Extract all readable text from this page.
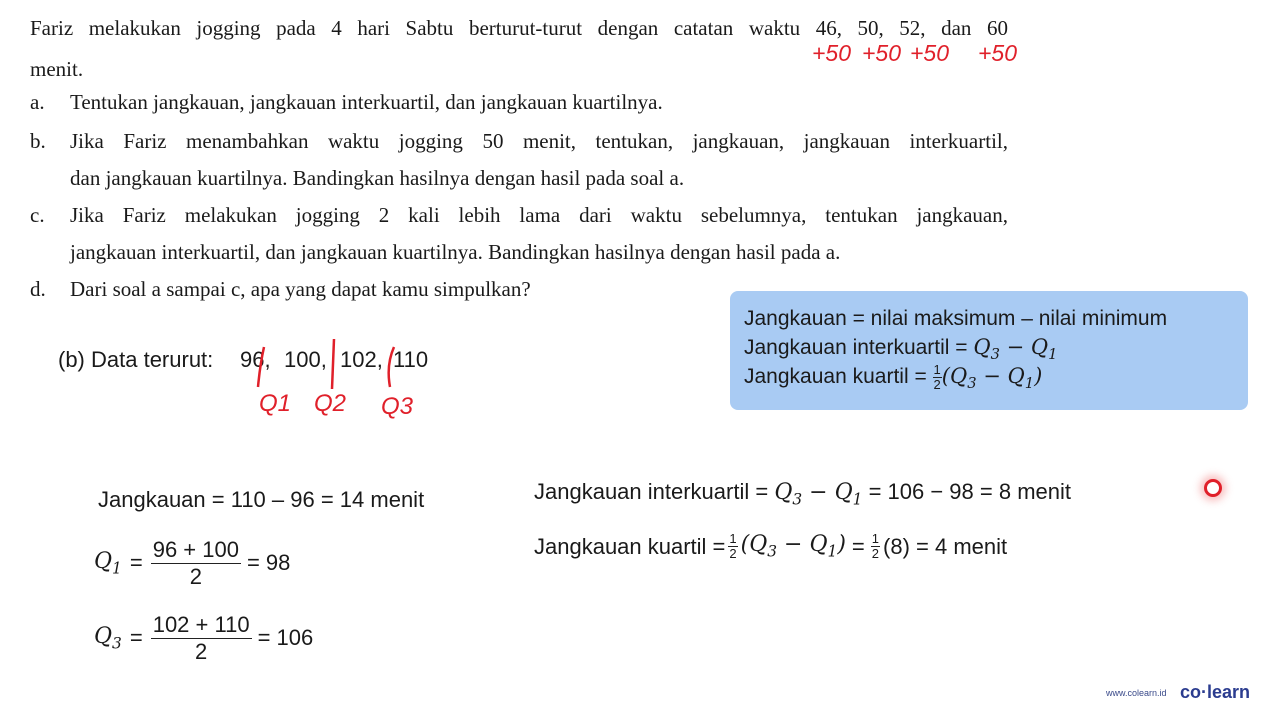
Fariz melakukan jogging pada 4 hari Sabtu berturut-turut dengan catatan waktu 46, 50, 52, dan 60
menit.
a. Tentukan jangkauan, jangkauan interkuartil, dan jangkauan kuartilnya.
b. Jika Fariz menambahkan waktu jogging 50 menit, tentukan, jangkauan, jangkauan interkuartil,
dan jangkauan kuartilnya. Bandingkan hasilnya dengan hasil pada soal a.
c. Jika Fariz melakukan jogging 2 kali lebih lama dari waktu sebelumnya, tentukan jangkauan,
jangkauan interkuartil, dan jangkauan kuartilnya. Bandingkan hasilnya dengan hasil pada a.
d. Dari soal a sampai c, apa yang dapat kamu simpulkan?
+50 +50 +50 +50
Jangkauan = nilai maksimum – nilai minimum
Jangkauan interkuartil = $Q_3 - Q_1$
Jangkauan kuartil = $\frac{1}{2} (Q_3 - Q_1)$
(b) Data terurut: 96, 100, 102, 110
Q1 Q2 Q3
Jangkauan = 110 – 96 = 14 menit
$Q_1 = \frac{96 + 100}{2} = 98$
$Q_3 = \frac{102 + 110}{2} = 106$
Jangkauan interkuartil = $Q_3 - Q_1 = 106 - 98 = 8$ menit
Jangkauan kuartil = $\frac{1}{2} (Q_3 - Q_1) = \frac{1}{2} (8) = 4$ menit
www.colearn.id co·learn
